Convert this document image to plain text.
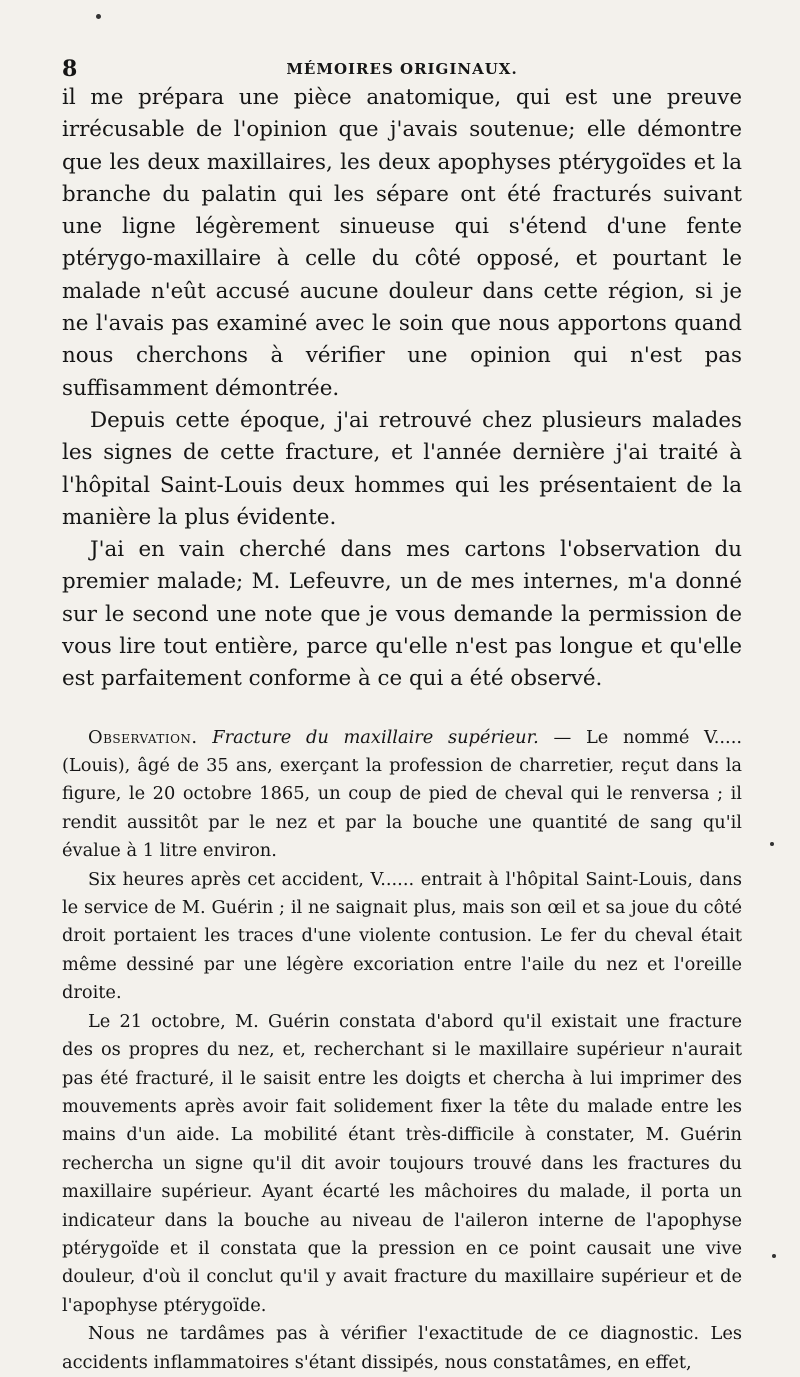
8	MÉMOIRES ORIGINAUX.

il me prépara une pièce anatomique, qui est une preuve irrécusable de l'opinion que j'avais soutenue; elle démontre que les deux maxillaires, les deux apophyses ptérygoïdes et la branche du palatin qui les sépare ont été fracturés suivant une ligne légèrement sinueuse qui s'étend d'une fente ptérygo-maxillaire à celle du côté opposé, et pourtant le malade n'eût accusé aucune douleur dans cette région, si je ne l'avais pas examiné avec le soin que nous apportons quand nous cherchons à vérifier une opinion qui n'est pas suffisamment démontrée.

Depuis cette époque, j'ai retrouvé chez plusieurs malades les signes de cette fracture, et l'année dernière j'ai traité à l'hôpital Saint-Louis deux hommes qui les présentaient de la manière la plus évidente.

J'ai en vain cherché dans mes cartons l'observation du premier malade; M. Lefeuvre, un de mes internes, m'a donné sur le second une note que je vous demande la permission de vous lire tout entière, parce qu'elle n'est pas longue et qu'elle est parfaitement conforme à ce qui a été observé.

Observation. Fracture du maxillaire supérieur. — Le nommé V..... (Louis), âgé de 35 ans, exerçant la profession de charretier, reçut dans la figure, le 20 octobre 1865, un coup de pied de cheval qui le renversa ; il rendit aussitôt par le nez et par la bouche une quantité de sang qu'il évalue à 1 litre environ.

Six heures après cet accident, V...... entrait à l'hôpital Saint-Louis, dans le service de M. Guérin ; il ne saignait plus, mais son œil et sa joue du côté droit portaient les traces d'une violente contusion. Le fer du cheval était même dessiné par une légère excoriation entre l'aile du nez et l'oreille droite.

Le 21 octobre, M. Guérin constata d'abord qu'il existait une fracture des os propres du nez, et, recherchant si le maxillaire supérieur n'aurait pas été fracturé, il le saisit entre les doigts et chercha à lui imprimer des mouvements après avoir fait solidement fixer la tête du malade entre les mains d'un aide. La mobilité étant très-difficile à constater, M. Guérin rechercha un signe qu'il dit avoir toujours trouvé dans les fractures du maxillaire supérieur. Ayant écarté les mâchoires du malade, il porta un indicateur dans la bouche au niveau de l'aileron interne de l'apophyse ptérygoïde et il constata que la pression en ce point causait une vive douleur, d'où il conclut qu'il y avait fracture du maxillaire supérieur et de l'apophyse ptérygoïde.

Nous ne tardâmes pas à vérifier l'exactitude de ce diagnostic. Les accidents inflammatoires s'étant dissipés, nous constatâmes, en effet,
